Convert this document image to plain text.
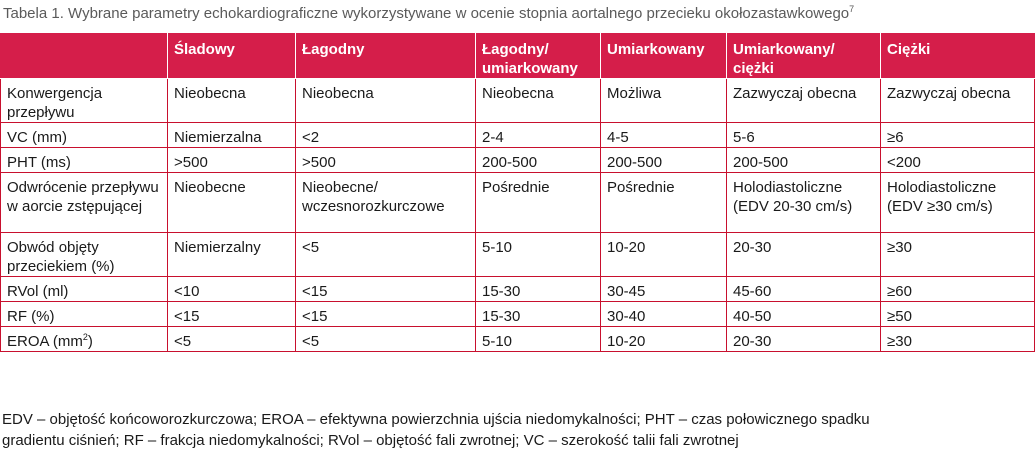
Tabela 1. Wybrane parametry echokardiograficzne wykorzystywane w ocenie stopnia aortalnego przecieku okołozastawkowego$^7$
	Śladowy	Łagodny	Łagodny/
umiarkowany	Umiarkowany	Umiarkowany/
ciężki	Ciężki
Konwergencja przepływu	Nieobecna	Nieobecna	Nieobecna	Możliwa	Zazwyczaj obecna	Zazwyczaj obecna
VC (mm)	Niemierzalna	<2	2-4	4-5	5-6	≥6
PHT (ms)	>500	>500	200-500	200-500	200-500	<200
Odwrócenie przepływu w aorcie zstępującej	Nieobecne	Nieobecne/ wczesnorozkurczowe	Pośrednie	Pośrednie	Holodiastoliczne (EDV 20-30 cm/s)	Holodiastoliczne (EDV ≥30 cm/s)
Obwód objęty przeciekiem (%)	Niemierzalny	<5	5-10	10-20	20-30	≥30
RVol (ml)	<10	<15	15-30	30-45	45-60	≥60
RF (%)	<15	<15	15-30	30-40	40-50	≥50
EROA $(mm^2)$	<5	<5	5-10	10-20	20-30	≥30
EDV – objętość końcoworozkurczowa; EROA – efektywna powierzchnia ujścia niedomykalności; PHT – czas połowicznego spadku
gradientu ciśnień; RF – frakcja niedomykalności; RVol – objętość fali zwrotnej; VC – szerokość talii fali zwrotnej
